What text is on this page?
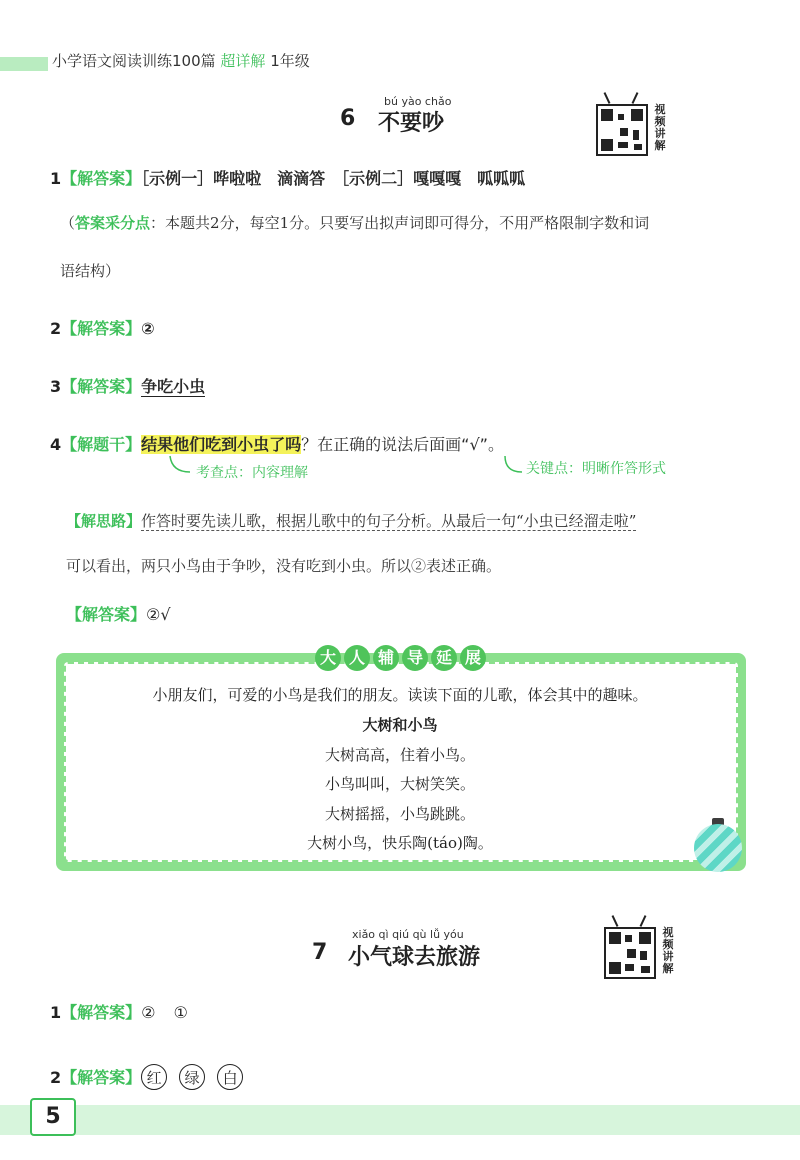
小学语文阅读训练100篇 超详解 1年级
bú yào chǎo
6 不要吵
视
频
讲
解
1【解答案】［示例一］哗啦啦　滴滴答　［示例二］嘎嘎嘎　呱呱呱
（答案采分点：本题共2分，每空1分。只要写出拟声词即可得分，不用严格限制字数和词
语结构）
2【解答案】②
3【解答案】争吃小虫
4【解题干】结果他们吃到小虫了吗？在正确的说法后面画“√”。
考查点：内容理解	关键点：明晰作答形式
【解思路】作答时要先读儿歌，根据儿歌中的句子分析。从最后一句“小虫已经溜走啦”
可以看出，两只小鸟由于争吵，没有吃到小虫。所以②表述正确。
【解答案】②√
大 人 辅 导 延 展
小朋友们，可爱的小鸟是我们的朋友。读读下面的儿歌，体会其中的趣味。
大树和小鸟
大树高高，住着小鸟。
小鸟叫叫，大树笑笑。
大树摇摇，小鸟跳跳。
大树小鸟，快乐陶(táo)陶。
xiǎo qì qiú qù lǚ yóu
7 小气球去旅游
视
频
讲
解
1【解答案】② ①
2【解答案】 红 绿 白
5
